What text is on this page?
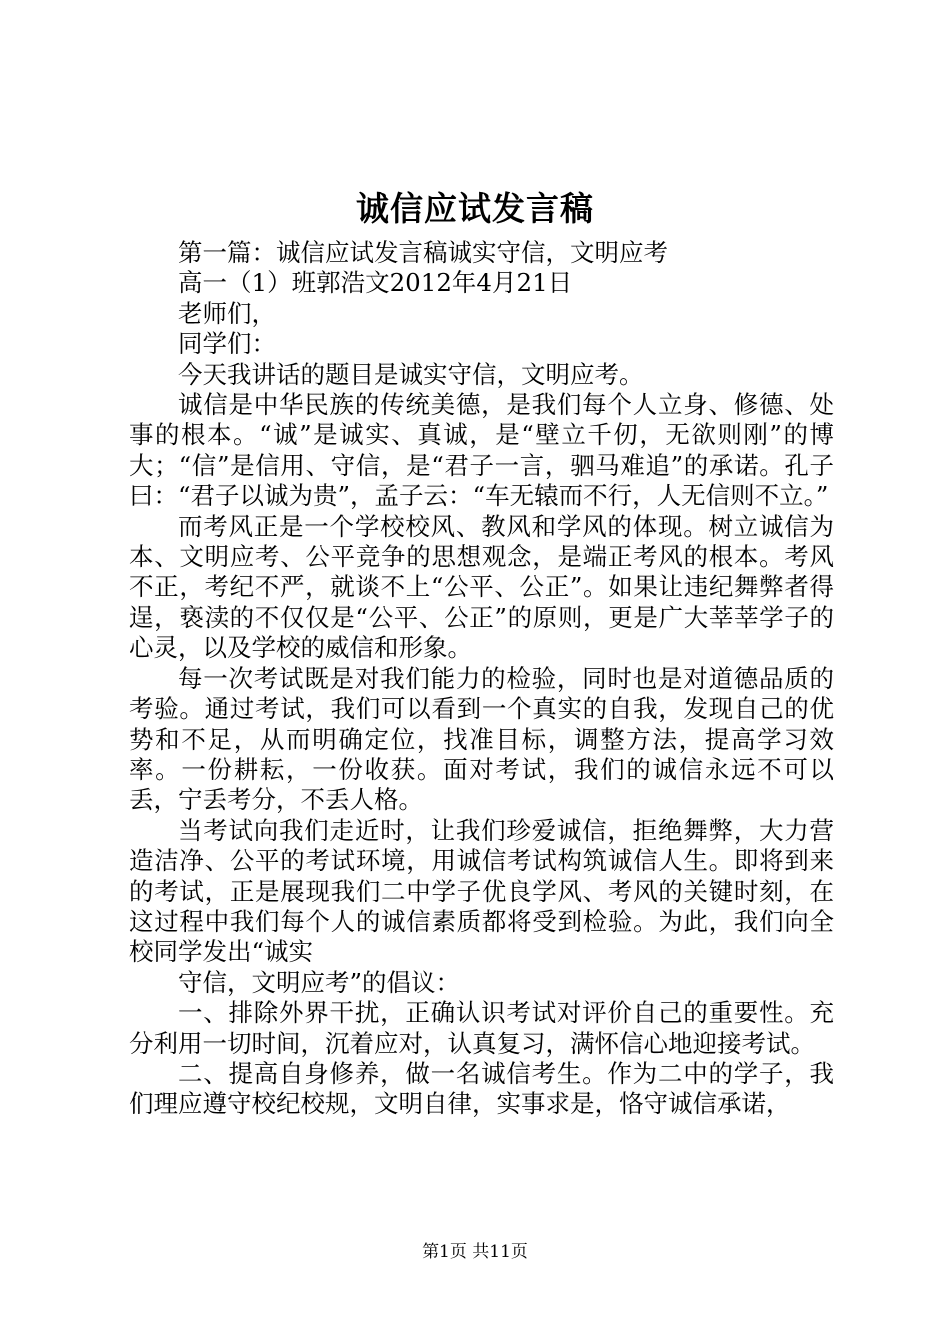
诚信应试发言稿

第一篇：诚信应试发言稿诚实守信，文明应考

高一（1）班郭浩文2012年4月21日

老师们，

同学们：

今天我讲话的题目是诚实守信，文明应考。

诚信是中华民族的传统美德，是我们每个人立身、修德、处事的根本。“诚”是诚实、真诚，是“壁立千仞，无欲则刚”的博大；“信”是信用、守信，是“君子一言，驷马难追”的承诺。孔子曰：“君子以诚为贵”，孟子云：“车无辕而不行，人无信则不立。”

而考风正是一个学校校风、教风和学风的体现。树立诚信为本、文明应考、公平竞争的思想观念，是端正考风的根本。考风不正，考纪不严，就谈不上“公平、公正”。如果让违纪舞弊者得逞，亵渎的不仅仅是“公平、公正”的原则，更是广大莘莘学子的心灵，以及学校的威信和形象。

每一次考试既是对我们能力的检验，同时也是对道德品质的考验。通过考试，我们可以看到一个真实的自我，发现自己的优势和不足，从而明确定位，找准目标，调整方法，提高学习效率。一份耕耘，一份收获。面对考试，我们的诚信永远不可以丢，宁丢考分，不丢人格。

当考试向我们走近时，让我们珍爱诚信，拒绝舞弊，大力营造洁净、公平的考试环境，用诚信考试构筑诚信人生。即将到来的考试，正是展现我们二中学子优良学风、考风的关键时刻，在这过程中我们每个人的诚信素质都将受到检验。为此，我们向全校同学发出“诚实

守信，文明应考”的倡议：

一、排除外界干扰，正确认识考试对评价自己的重要性。充分利用一切时间，沉着应对，认真复习，满怀信心地迎接考试。

二、提高自身修养，做一名诚信考生。作为二中的学子，我们理应遵守校纪校规，文明自律，实事求是，恪守诚信承诺，

第1页 共11页
